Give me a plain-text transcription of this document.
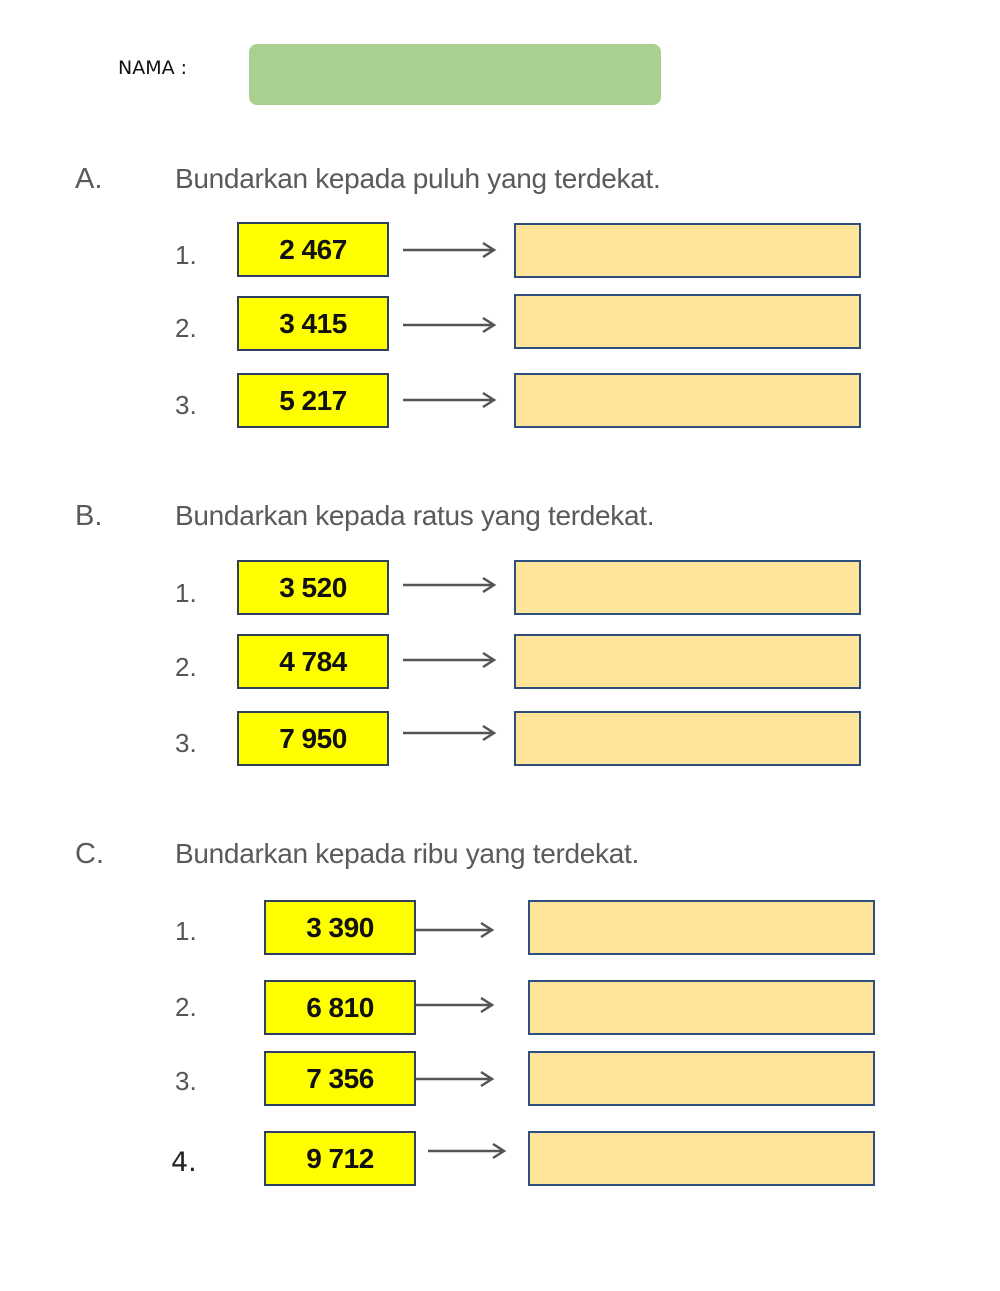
NAMA :
A.	Bundarkan kepada puluh yang terdekat.
1.	2 467
2.	3 415
3.	5 217
B.	Bundarkan kepada ratus yang terdekat.
1.	3 520
2.	4 784
3.	7 950
C.	Bundarkan kepada ribu yang terdekat.
1.	3 390
2.	6 810
3.	7 356
4.	9 712
